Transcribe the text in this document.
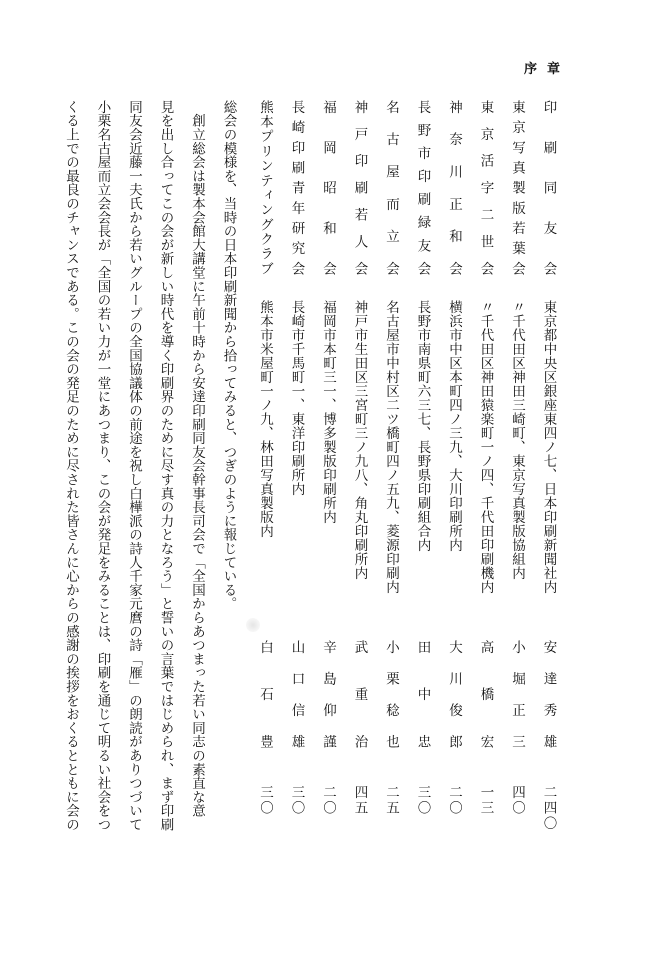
序章
印刷同友会
東京都中央区銀座東四ノ七、日本印刷新聞社内
安達秀雄
二四〇
東京写真製版若葉会
〃千代田区神田三崎町、東京写真製版協組内
小堀正三
四〇
東京活字二世会
〃千代田区神田猿楽町一ノ四、千代田印刷機内
高橋宏
一三
神奈川正和会
横浜市中区本町四ノ三九、大川印刷所内
大川俊郎
二〇
長野市印刷緑友会
長野市南県町六三七、長野県印刷組合内
田中忠
三〇
名古屋而立会
名古屋市中村区二ツ橋町四ノ五九、菱源印刷内
小栗稔也
二五
神戸印刷若人会
神戸市生田区三宮町三ノ九八、角丸印刷所内
武重治
四五
福岡昭和会
福岡市本町三一、博多製版印刷所内
辛島仰謹
二〇
長崎印刷青年研究会
長崎市千馬町一、東洋印刷所内
山口信雄
三〇
熊本プリンティングクラブ
熊本市米屋町一ノ九、林田写真製版内
白石豊
三〇
総会の模様を、当時の日本印刷新聞から拾ってみると、つぎのように報じている。
　創立総会は製本会館大講堂に午前十時から安達印刷同友会幹事長司会で「全国からあつまった若い同志の素直な意
見を出し合ってこの会が新しい時代を導く印刷界のために尽す真の力となろう」と誓いの言葉ではじめられ、まず印刷
同友会近藤一夫氏から若いグループの全国協議体の前途を祝し白樺派の詩人千家元麿の詩「雁」の朗読がありつづいて
小栗名古屋而立会会長が「全国の若い力が一堂にあつまり、この会が発足をみることは、印刷を通じて明るい社会をつ
くる上での最良のチャンスである。この会の発足のために尽された皆さんに心からの感謝の挨拶をおくるとともに会の
